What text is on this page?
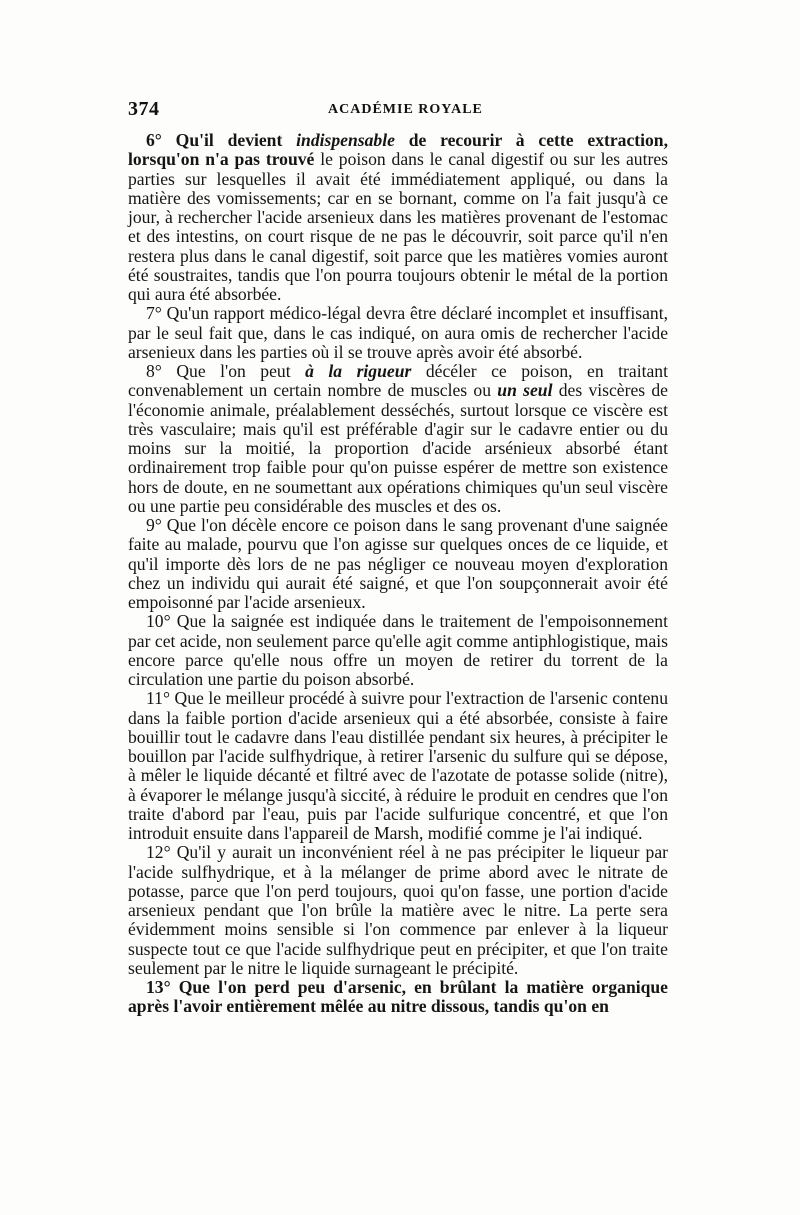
374	ACADÉMIE ROYALE

6° Qu'il devient indispensable de recourir à cette extraction, lorsqu'on n'a pas trouvé le poison dans le canal digestif ou sur les autres parties sur lesquelles il avait été immédiatement appliqué, ou dans la matière des vomissements; car en se bornant, comme on l'a fait jusqu'à ce jour, à rechercher l'acide arsenieux dans les matières provenant de l'estomac et des intestins, on court risque de ne pas le découvrir, soit parce qu'il n'en restera plus dans le canal digestif, soit parce que les matières vomies auront été soustraites, tandis que l'on pourra toujours obtenir le métal de la portion qui aura été absorbée.

7° Qu'un rapport médico-légal devra être déclaré incomplet et insuffisant, par le seul fait que, dans le cas indiqué, on aura omis de rechercher l'acide arsenieux dans les parties où il se trouve après avoir été absorbé.

8° Que l'on peut à la rigueur décéler ce poison, en traitant convenablement un certain nombre de muscles ou un seul des viscères de l'économie animale, préalablement desséchés, surtout lorsque ce viscère est très vasculaire; mais qu'il est préférable d'agir sur le cadavre entier ou du moins sur la moitié, la proportion d'acide arsénieux absorbé étant ordinairement trop faible pour qu'on puisse espérer de mettre son existence hors de doute, en ne soumettant aux opérations chimiques qu'un seul viscère ou une partie peu considérable des muscles et des os.

9° Que l'on décèle encore ce poison dans le sang provenant d'une saignée faite au malade, pourvu que l'on agisse sur quelques onces de ce liquide, et qu'il importe dès lors de ne pas négliger ce nouveau moyen d'exploration chez un individu qui aurait été saigné, et que l'on soupçonnerait avoir été empoisonné par l'acide arsenieux.

10° Que la saignée est indiquée dans le traitement de l'empoisonnement par cet acide, non seulement parce qu'elle agit comme antiphlogistique, mais encore parce qu'elle nous offre un moyen de retirer du torrent de la circulation une partie du poison absorbé.

11° Que le meilleur procédé à suivre pour l'extraction de l'arsenic contenu dans la faible portion d'acide arsenieux qui a été absorbée, consiste à faire bouillir tout le cadavre dans l'eau distillée pendant six heures, à précipiter le bouillon par l'acide sulfhydrique, à retirer l'arsenic du sulfure qui se dépose, à mêler le liquide décanté et filtré avec de l'azotate de potasse solide (nitre), à évaporer le mélange jusqu'à siccité, à réduire le produit en cendres que l'on traite d'abord par l'eau, puis par l'acide sulfurique concentré, et que l'on introduit ensuite dans l'appareil de Marsh, modifié comme je l'ai indiqué.

12° Qu'il y aurait un inconvénient réel à ne pas précipiter le liqueur par l'acide sulfhydrique, et à la mélanger de prime abord avec le nitrate de potasse, parce que l'on perd toujours, quoi qu'on fasse, une portion d'acide arsenieux pendant que l'on brûle la matière avec le nitre. La perte sera évidemment moins sensible si l'on commence par enlever à la liqueur suspecte tout ce que l'acide sulfhydrique peut en précipiter, et que l'on traite seulement par le nitre le liquide surnageant le précipité.

13° Que l'on perd peu d'arsenic, en brûlant la matière organique après l'avoir entièrement mêlée au nitre dissous, tandis qu'on en
